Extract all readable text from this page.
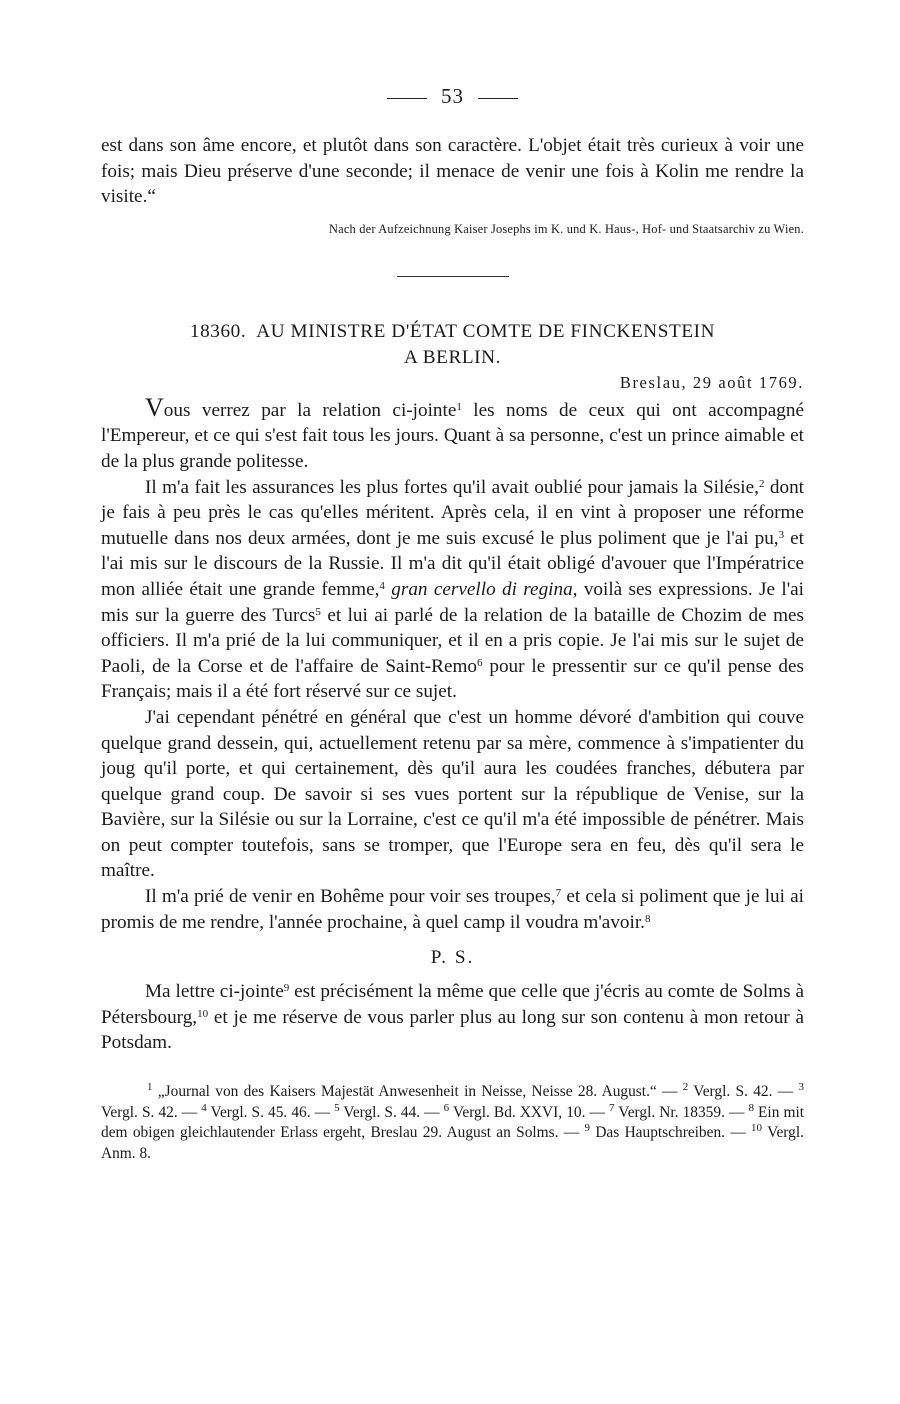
53

est dans son âme encore, et plutôt dans son caractère. L'objet était très curieux à voir une fois; mais Dieu préserve d'une seconde; il menace de venir une fois à Kolin me rendre la visite.“

Nach der Aufzeichnung Kaiser Josephs im K. und K. Haus-, Hof- und Staatsarchiv zu Wien.

18360. AU MINISTRE D'ÉTAT COMTE DE FINCKENSTEIN
A BERLIN.
Breslau, 29 août 1769.

Vous verrez par la relation ci-jointe$^1$ les noms de ceux qui ont accompagné l'Empereur, et ce qui s'est fait tous les jours. Quant à sa personne, c'est un prince aimable et de la plus grande politesse.

Il m'a fait les assurances les plus fortes qu'il avait oublié pour jamais la Silésie,$^2$ dont je fais à peu près le cas qu'elles méritent. Après cela, il en vint à proposer une réforme mutuelle dans nos deux armées, dont je me suis excusé le plus poliment que je l'ai pu,$^3$ et l'ai mis sur le discours de la Russie. Il m'a dit qu'il était obligé d'avouer que l'Impératrice mon alliée était une grande femme,$^4$ gran cervello di regina, voilà ses expressions. Je l'ai mis sur la guerre des Turcs$^5$ et lui ai parlé de la relation de la bataille de Chozim de mes officiers. Il m'a prié de la lui communiquer, et il en a pris copie. Je l'ai mis sur le sujet de Paoli, de la Corse et de l'affaire de Saint-Remo$^6$ pour le pressentir sur ce qu'il pense des Français; mais il a été fort réservé sur ce sujet.

J'ai cependant pénétré en général que c'est un homme dévoré d'ambition qui couve quelque grand dessein, qui, actuellement retenu par sa mère, commence à s'impatienter du joug qu'il porte, et qui certainement, dès qu'il aura les coudées franches, débutera par quelque grand coup. De savoir si ses vues portent sur la république de Venise, sur la Bavière, sur la Silésie ou sur la Lorraine, c'est ce qu'il m'a été impossible de pénétrer. Mais on peut compter toutefois, sans se tromper, que l'Europe sera en feu, dès qu'il sera le maître.

Il m'a prié de venir en Bohême pour voir ses troupes,$^7$ et cela si poliment que je lui ai promis de me rendre, l'année prochaine, à quel camp il voudra m'avoir.$^8$

P. S.

Ma lettre ci-jointe$^9$ est précisément la même que celle que j'écris au comte de Solms à Pétersbourg,$^{10}$ et je me réserve de vous parler plus au long sur son contenu à mon retour à Potsdam.

$^1$ „Journal von des Kaisers Majestät Anwesenheit in Neisse, Neisse 28. August.“ — $^2$ Vergl. S. 42. — $^3$ Vergl. S. 42. — $^4$ Vergl. S. 45. 46. — $^5$ Vergl. S. 44. — $^6$ Vergl. Bd. XXVI, 10. — $^7$ Vergl. Nr. 18359. — $^8$ Ein mit dem obigen gleichlautender Erlass ergeht, Breslau 29. August an Solms. — $^9$ Das Hauptschreiben. — $^{10}$ Vergl. Anm. 8.
